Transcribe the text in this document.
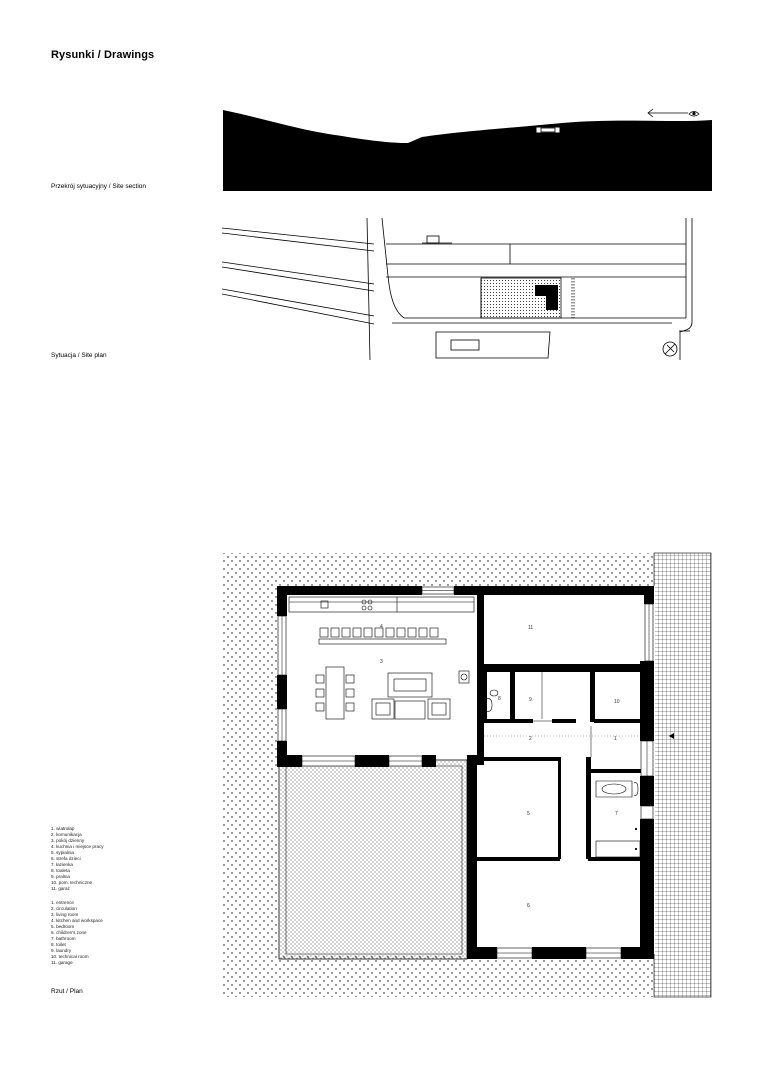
Rysunki / Drawings
Przekrój sytuacyjny / Site section
Sytuacja / Site plan
4
3
11
8	9	10
2	1
5	7
6
1. wiatrołap
2. komunikacja
3. pokój dzienny
4. kuchnia i miejsce pracy
5. sypialnia
6. strefa dzieci
7. łazienka
8. toaleta
9. pralnia
10. pom. techniczne
11. garaż
1. entrence
2. circulation
3. living room
4. kitchen and workspace
5. bedroom
6. children's zone
7. bathroom
8. toilet
9. laundry
10. technical room
11. garage
Rzut / Plan
